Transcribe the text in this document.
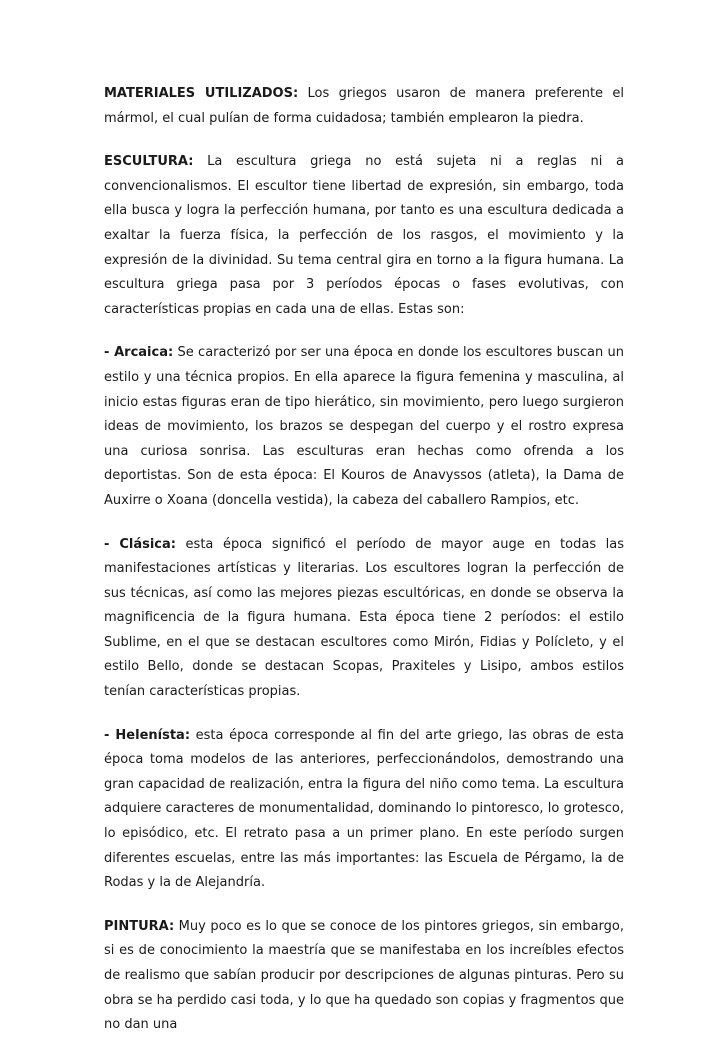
MATERIALES UTILIZADOS: Los griegos usaron de manera preferente el mármol, el cual pulían de forma cuidadosa; también emplearon la piedra.

ESCULTURA: La escultura griega no está sujeta ni a reglas ni a convencionalismos. El escultor tiene libertad de expresión, sin embargo, toda ella busca y logra la perfección humana, por tanto es una escultura dedicada a exaltar la fuerza física, la perfección de los rasgos, el movimiento y la expresión de la divinidad. Su tema central gira en torno a la figura humana. La escultura griega pasa por 3 períodos épocas o fases evolutivas, con características propias en cada una de ellas. Estas son:

- Arcaica: Se caracterizó por ser una época en donde los escultores buscan un estilo y una técnica propios. En ella aparece la figura femenina y masculina, al inicio estas figuras eran de tipo hierático, sin movimiento, pero luego surgieron ideas de movimiento, los brazos se despegan del cuerpo y el rostro expresa una curiosa sonrisa. Las esculturas eran hechas como ofrenda a los deportistas. Son de esta época: El Kouros de Anavyssos (atleta), la Dama de Auxirre o Xoana (doncella vestida), la cabeza del caballero Rampios, etc.

- Clásica: esta época significó el período de mayor auge en todas las manifestaciones artísticas y literarias. Los escultores logran la perfección de sus técnicas, así como las mejores piezas escultóricas, en donde se observa la magnificencia de la figura humana. Esta época tiene 2 períodos: el estilo Sublime, en el que se destacan escultores como Mirón, Fidias y Polícleto, y el estilo Bello, donde se destacan Scopas, Praxiteles y Lisipo, ambos estilos tenían características propias.

- Helenísta: esta época corresponde al fin del arte griego, las obras de esta época toma modelos de las anteriores, perfeccionándolos, demostrando una gran capacidad de realización, entra la figura del niño como tema. La escultura adquiere caracteres de monumentalidad, dominando lo pintoresco, lo grotesco, lo episódico, etc. El retrato pasa a un primer plano. En este período surgen diferentes escuelas, entre las más importantes: las Escuela de Pérgamo, la de Rodas y la de Alejandría.

PINTURA: Muy poco es lo que se conoce de los pintores griegos, sin embargo, si es de conocimiento la maestría que se manifestaba en los increíbles efectos de realismo que sabían producir por descripciones de algunas pinturas. Pero su obra se ha perdido casi toda, y lo que ha quedado son copias y fragmentos que no dan una
